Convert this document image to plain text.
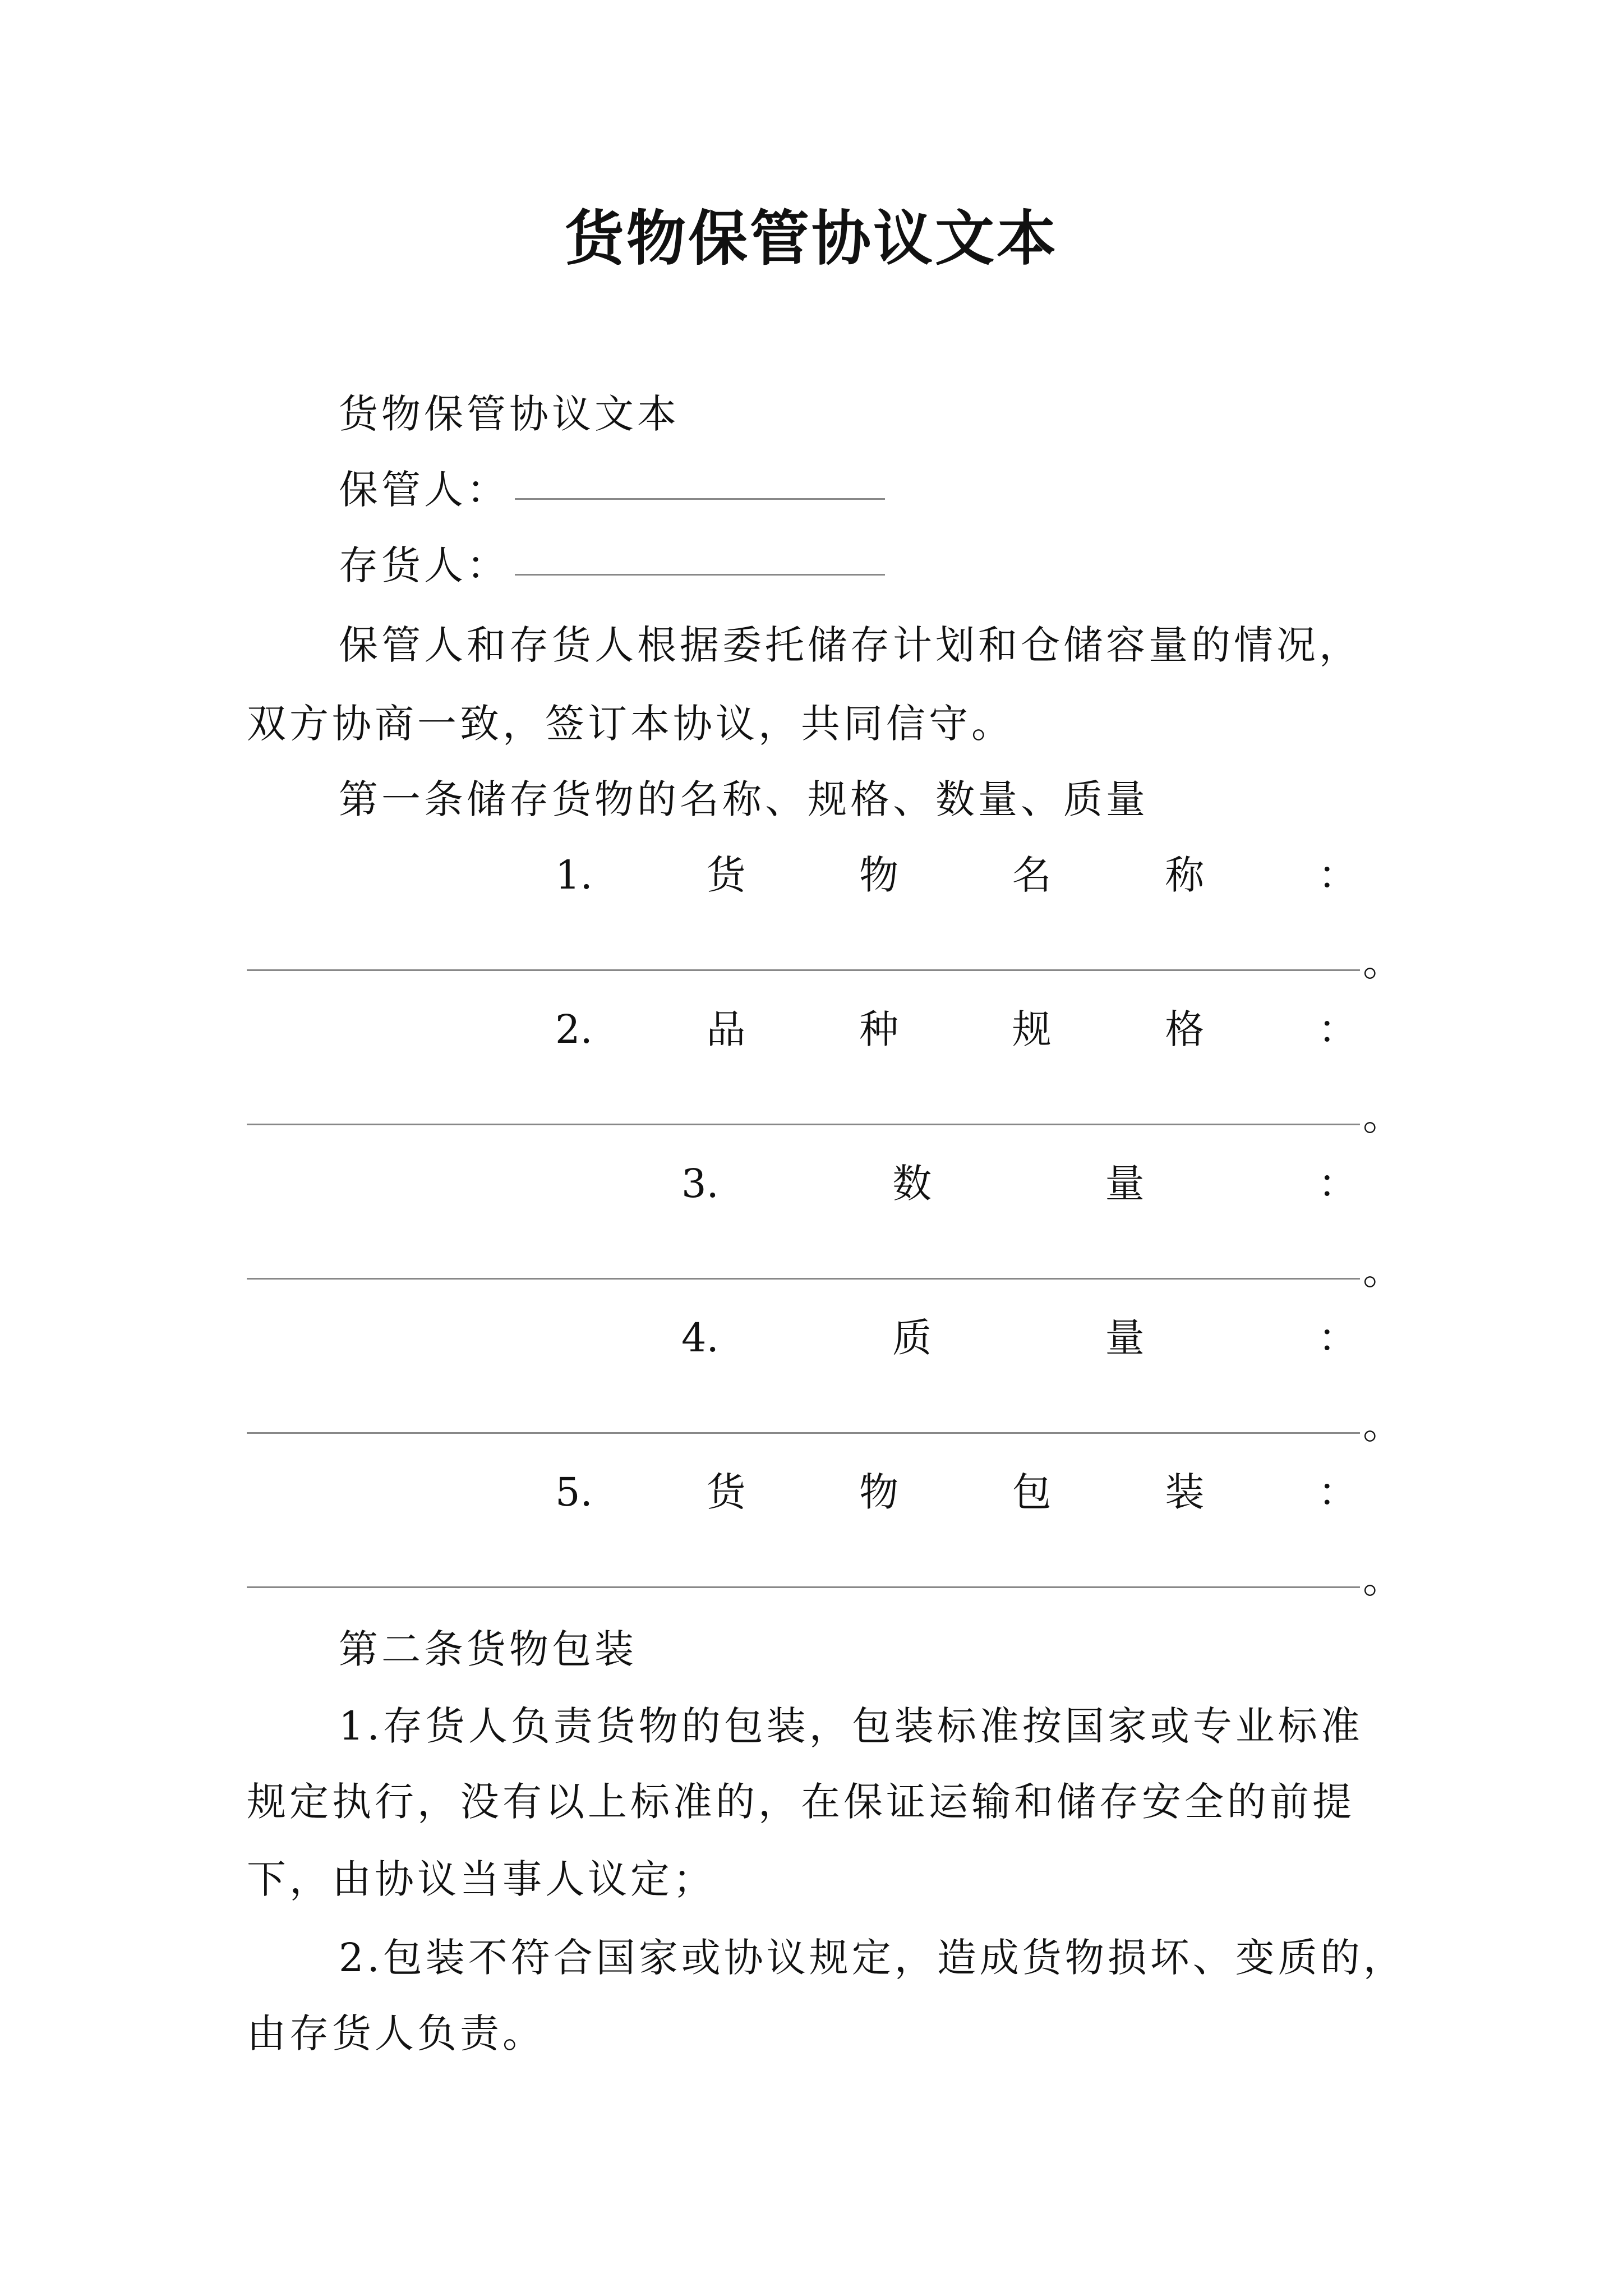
货物保管协议文本
货物保管协议文本
保管人：
存货人：
保管人和存货人根据委托储存计划和仓储容量的情况，
双方协商一致，签订本协议，共同信守。
第一条储存货物的名称、规格、数量、质量
1.	货	物	名	称	：
。
2.	品	种	规	格	：
。
3.	数	量	：
。
4.	质	量	：
。
5.	货	物	包	装	：
。
第二条货物包装
1.存货人负责货物的包装，包装标准按国家或专业标准
规定执行，没有以上标准的，在保证运输和储存安全的前提
下，由协议当事人议定；
2.包装不符合国家或协议规定，造成货物损坏、变质的，
由存货人负责。
